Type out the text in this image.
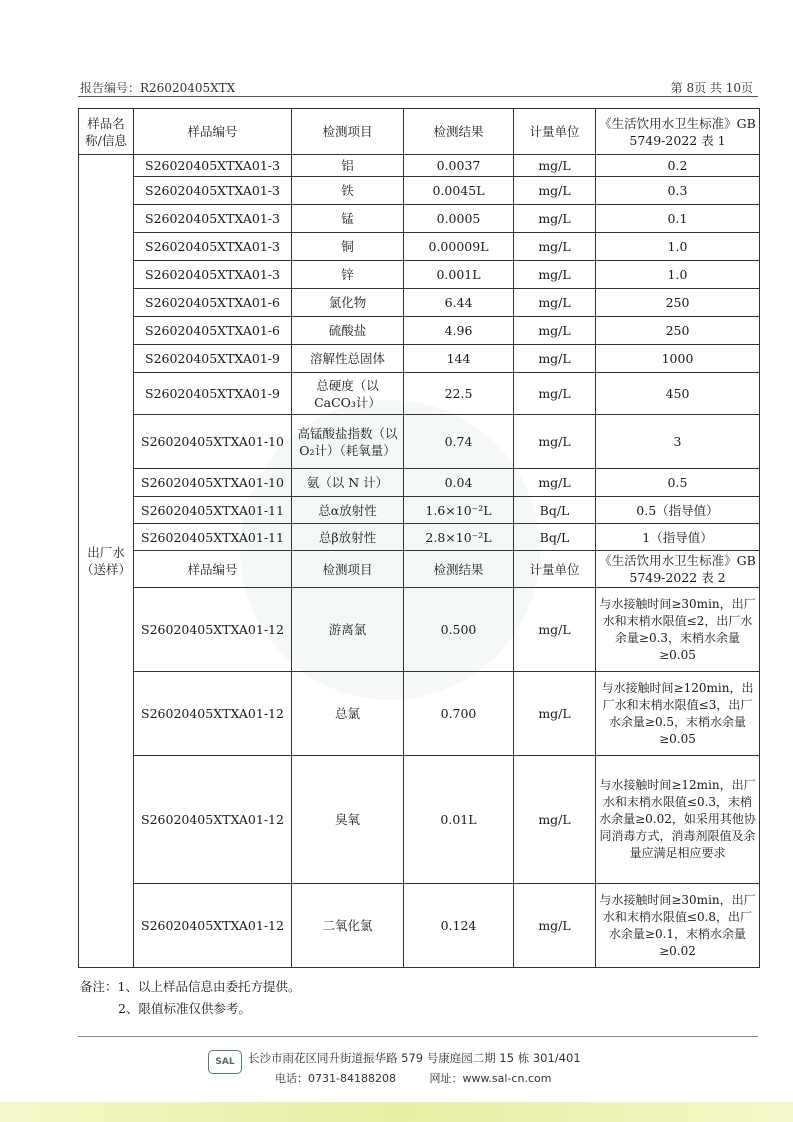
报告编号：R26020405XTX	第 8页 共 10页
样品名称/信息	样品编号	检测项目	检测结果	计量单位	《生活饮用水卫生标准》GB 5749-2022 表 1
出厂水（送样）	S26020405XTXA01-3	铝	0.0037	mg/L	0.2
	S26020405XTXA01-3	铁	0.0045L	mg/L	0.3
	S26020405XTXA01-3	锰	0.0005	mg/L	0.1
	S26020405XTXA01-3	铜	0.00009L	mg/L	1.0
	S26020405XTXA01-3	锌	0.001L	mg/L	1.0
	S26020405XTXA01-6	氯化物	6.44	mg/L	250
	S26020405XTXA01-6	硫酸盐	4.96	mg/L	250
	S26020405XTXA01-9	溶解性总固体	144	mg/L	1000
	S26020405XTXA01-9	总硬度（以 CaCO₃计）	22.5	mg/L	450
	S26020405XTXA01-10	高锰酸盐指数（以 O₂计）（耗氧量）	0.74	mg/L	3
	S26020405XTXA01-10	氨（以 N 计）	0.04	mg/L	0.5
	S26020405XTXA01-11	总α放射性	1.6×10⁻²L	Bq/L	0.5（指导值）
	S26020405XTXA01-11	总β放射性	2.8×10⁻²L	Bq/L	1（指导值）
	样品编号	检测项目	检测结果	计量单位	《生活饮用水卫生标准》GB 5749-2022 表 2
	S26020405XTXA01-12	游离氯	0.500	mg/L	与水接触时间≥30min，出厂水和末梢水限值≤2，出厂水余量≥0.3，末梢水余量≥0.05
	S26020405XTXA01-12	总氯	0.700	mg/L	与水接触时间≥120min，出厂水和末梢水限值≤3，出厂水余量≥0.5，末梢水余量≥0.05
	S26020405XTXA01-12	臭氧	0.01L	mg/L	与水接触时间≥12min，出厂水和末梢水限值≤0.3，末梢水余量≥0.02，如采用其他协同消毒方式，消毒剂限值及余量应满足相应要求
	S26020405XTXA01-12	二氧化氯	0.124	mg/L	与水接触时间≥30min，出厂水和末梢水限值≤0.8，出厂水余量≥0.1，末梢水余量≥0.02
备注：1、以上样品信息由委托方提供。
2、限值标准仅供参考。
SAL	长沙市雨花区同升街道振华路 579 号康庭园二期 15 栋 301/401
电话：0731-84188208	网址：www.sal-cn.com
